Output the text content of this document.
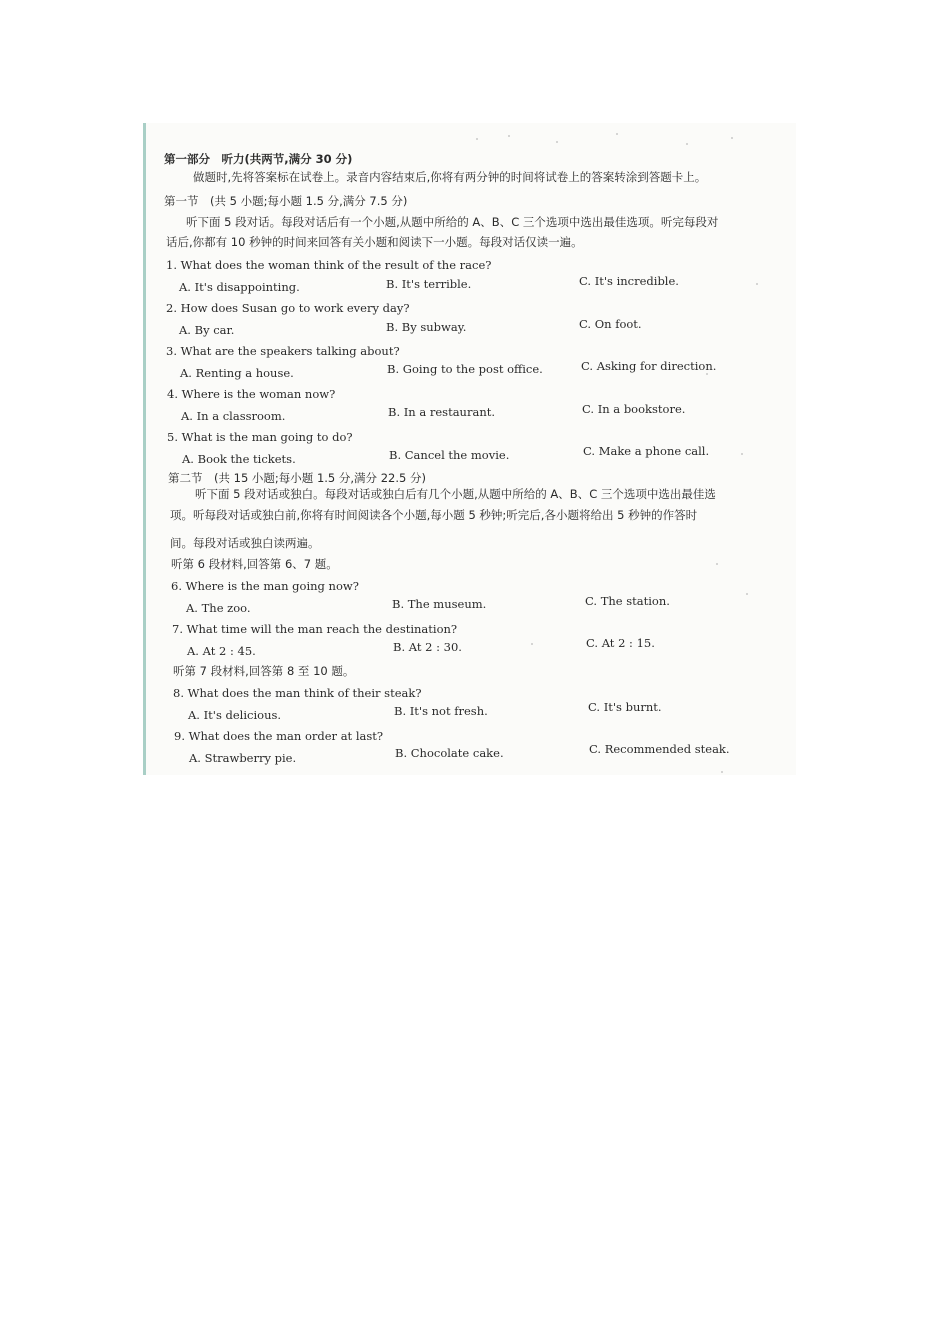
第一部分　听力(共两节,满分 30 分)
做题时,先将答案标在试卷上。录音内容结束后,你将有两分钟的时间将试卷上的答案转涂到答题卡上。
第一节　(共 5 小题;每小题 1.5 分,满分 7.5 分)
听下面 5 段对话。每段对话后有一个小题,从题中所给的 A、B、C 三个选项中选出最佳选项。听完每段对
话后,你都有 10 秒钟的时间来回答有关小题和阅读下一小题。每段对话仅读一遍。
1. What does the woman think of the result of the race?
A. It's disappointing.	B. It's terrible.	C. It's incredible.
2. How does Susan go to work every day?
A. By car.	B. By subway.	C. On foot.
3. What are the speakers talking about?
A. Renting a house.	B. Going to the post office.	C. Asking for direction.
4. Where is the woman now?
A. In a classroom.	B. In a restaurant.	C. In a bookstore.
5. What is the man going to do?
A. Book the tickets.	B. Cancel the movie.	C. Make a phone call.
第二节　(共 15 小题;每小题 1.5 分,满分 22.5 分)
听下面 5 段对话或独白。每段对话或独白后有几个小题,从题中所给的 A、B、C 三个选项中选出最佳选
项。听每段对话或独白前,你将有时间阅读各个小题,每小题 5 秒钟;听完后,各小题将给出 5 秒钟的作答时
间。每段对话或独白读两遍。
听第 6 段材料,回答第 6、7 题。
6. Where is the man going now?
A. The zoo.	B. The museum.	C. The station.
7. What time will the man reach the destination?
A. At 2 : 45.	B. At 2 : 30.	C. At 2 : 15.
听第 7 段材料,回答第 8 至 10 题。
8. What does the man think of their steak?
A. It's delicious.	B. It's not fresh.	C. It's burnt.
9. What does the man order at last?
A. Strawberry pie.	B. Chocolate cake.	C. Recommended steak.
